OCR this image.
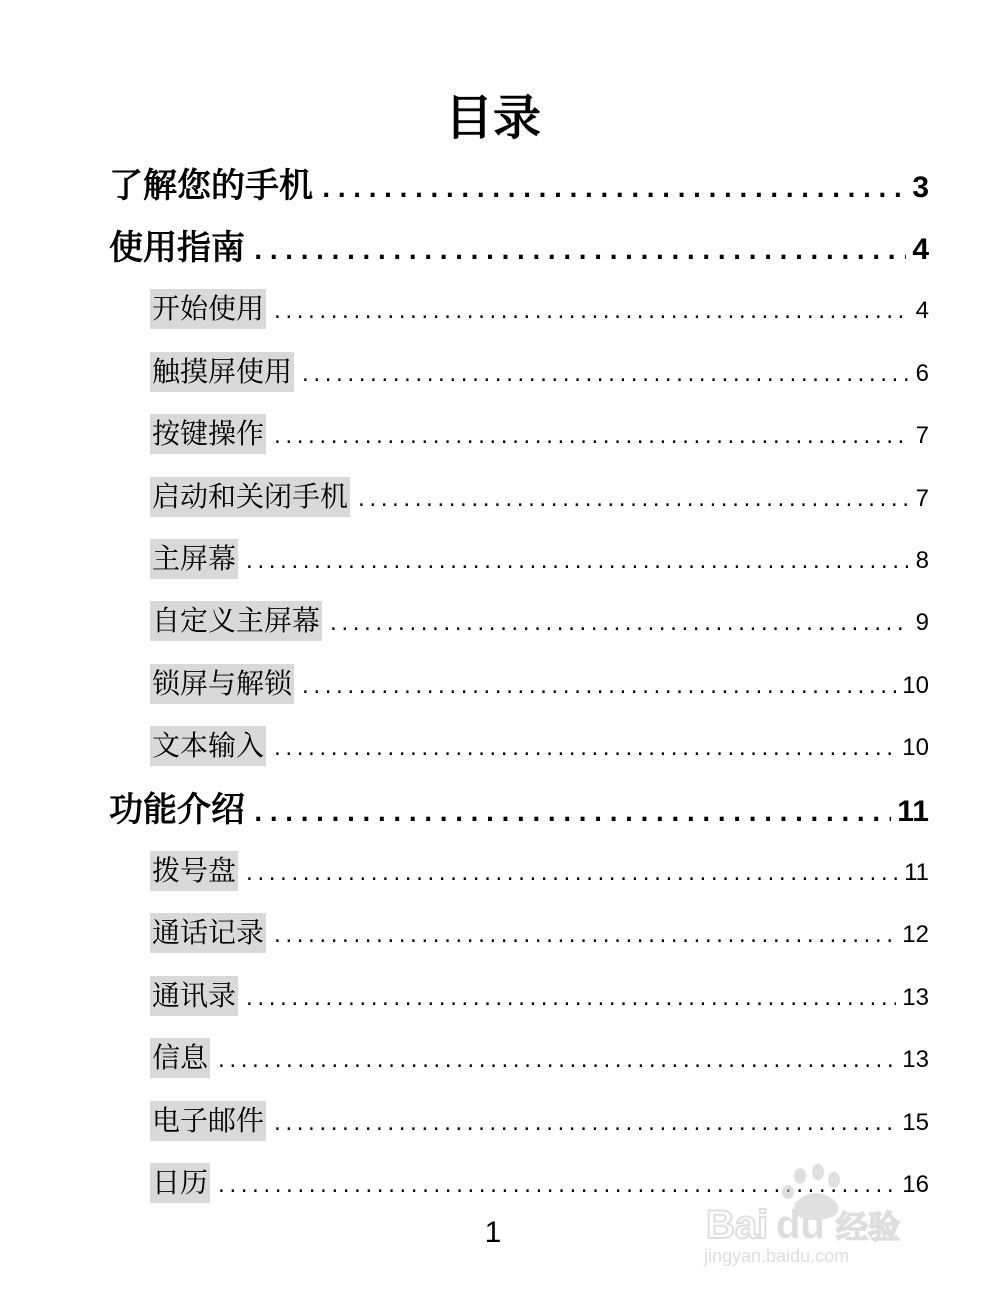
目录
了解您的手机 .....	3
使用指南 .....	4
开始使用 .....	4
触摸屏使用 .....	6
按键操作 .....	7
启动和关闭手机 .....	7
主屏幕 .....	8
自定义主屏幕 .....	9
锁屏与解锁 .....	10
文本输入 .....	10
功能介绍 .....	11
拨号盘 .....	11
通话记录 .....	12
通讯录 .....	13
信息 .....	13
电子邮件 .....	15
日历 .....	16
Bai du 经验
jingyan.baidu.com
1
